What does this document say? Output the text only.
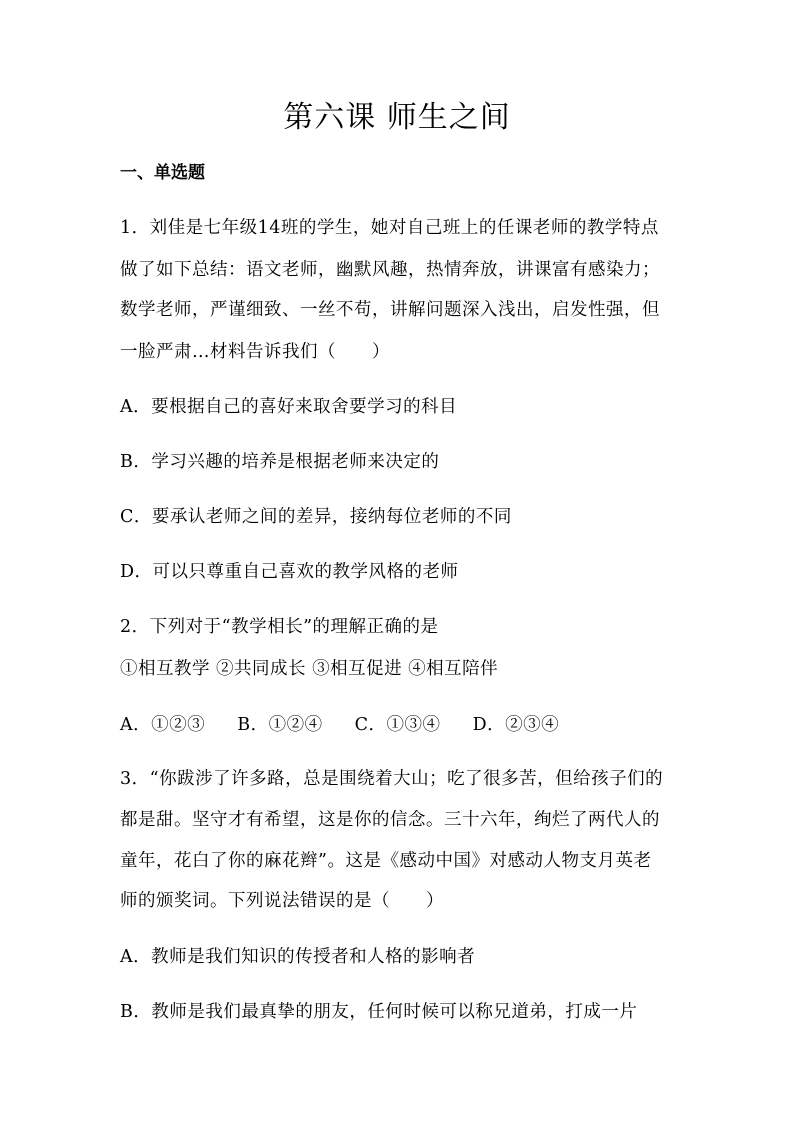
第六课 师生之间
一、单选题
1．刘佳是七年级14班的学生，她对自己班上的任课老师的教学特点
做了如下总结：语文老师，幽默风趣，热情奔放，讲课富有感染力；
数学老师，严谨细致、一丝不苟，讲解问题深入浅出，启发性强，但
一脸严肃…材料告诉我们（　　）
A．要根据自己的喜好来取舍要学习的科目
B．学习兴趣的培养是根据老师来决定的
C．要承认老师之间的差异，接纳每位老师的不同
D．可以只尊重自己喜欢的教学风格的老师
2．下列对于“教学相长”的理解正确的是
①相互教学 ②共同成长 ③相互促进 ④相互陪伴
A．①②③ B．①②④ C．①③④ D．②③④
3．“你跋涉了许多路，总是围绕着大山；吃了很多苦，但给孩子们的
都是甜。坚守才有希望，这是你的信念。三十六年，绚烂了两代人的
童年，花白了你的麻花辫”。这是《感动中国》对感动人物支月英老
师的颁奖词。下列说法错误的是（　　）
A．教师是我们知识的传授者和人格的影响者
B．教师是我们最真挚的朋友，任何时候可以称兄道弟，打成一片
